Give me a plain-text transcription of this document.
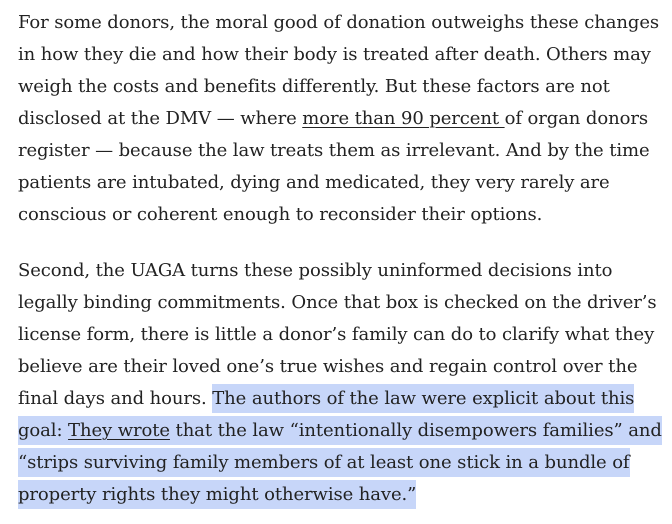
For some donors, the moral good of donation outweighs these changes in how they die and how their body is treated after death. Others may weigh the costs and benefits differently. But these factors are not disclosed at the DMV — where more than 90 percent of organ donors register — because the law treats them as irrelevant. And by the time patients are intubated, dying and medicated, they very rarely are conscious or coherent enough to reconsider their options.

Second, the UAGA turns these possibly uninformed decisions into legally binding commitments. Once that box is checked on the driver’s license form, there is little a donor’s family can do to clarify what they believe are their loved one’s true wishes and regain control over the final days and hours. The authors of the law were explicit about this goal: They wrote that the law “intentionally disempowers families” and “strips surviving family members of at least one stick in a bundle of property rights they might otherwise have.”
